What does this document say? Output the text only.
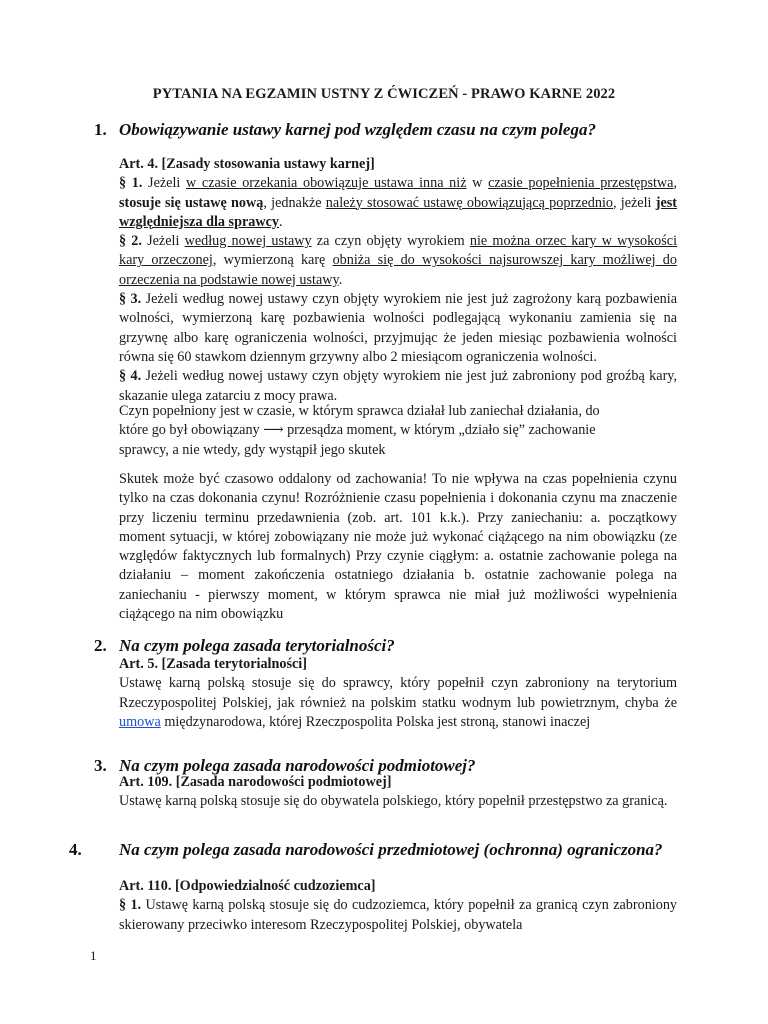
PYTANIA NA EGZAMIN USTNY Z ĆWICZEŃ - PRAWO KARNE 2022
1. Obowiązywanie ustawy karnej pod względem czasu na czym polega?

Art. 4. [Zasady stosowania ustawy karnej]

§ 1. Jeżeli w czasie orzekania obowiązuje ustawa inna niż w czasie popełnienia przestępstwa, stosuje się ustawę nową, jednakże należy stosować ustawę obowiązującą poprzednio, jeżeli jest względniejsza dla sprawcy.

§ 2. Jeżeli według nowej ustawy za czyn objęty wyrokiem nie można orzec kary w wysokości kary orzeczonej, wymierzoną karę obniża się do wysokości najsurowszej kary możliwej do orzeczenia na podstawie nowej ustawy.

§ 3. Jeżeli według nowej ustawy czyn objęty wyrokiem nie jest już zagrożony karą pozbawienia wolności, wymierzoną karę pozbawienia wolności podlegającą wykonaniu zamienia się na grzywnę albo karę ograniczenia wolności, przyjmując że jeden miesiąc pozbawienia wolności równa się 60 stawkom dziennym grzywny albo 2 miesiącom ograniczenia wolności.

§ 4. Jeżeli według nowej ustawy czyn objęty wyrokiem nie jest już zabroniony pod groźbą kary, skazanie ulega zatarciu z mocy prawa.

Czyn popełniony jest w czasie, w którym sprawca działał lub zaniechał działania, do

które go był obowiązany ⟶ przesądza moment, w którym „działo się” zachowanie

sprawcy, a nie wtedy, gdy wystąpił jego skutek

Skutek może być czasowo oddalony od zachowania! To nie wpływa na czas popełnienia czynu tylko na czas dokonania czynu! Rozróżnienie czasu popełnienia i dokonania czynu ma znaczenie przy liczeniu terminu przedawnienia (zob. art. 101 k.k.). Przy zaniechaniu: a. początkowy moment sytuacji, w której zobowiązany nie może już wykonać ciążącego na nim obowiązku (ze względów faktycznych lub formalnych) Przy czynie ciągłym: a. ostatnie zachowanie polega na działaniu – moment zakończenia ostatniego działania b. ostatnie zachowanie polega na zaniechaniu - pierwszy moment, w którym sprawca nie miał już możliwości wypełnienia ciążącego na nim obowiązku

2. Na czym polega zasada terytorialności?

Art. 5. [Zasada terytorialności]

Ustawę karną polską stosuje się do sprawcy, który popełnił czyn zabroniony na terytorium Rzeczypospolitej Polskiej, jak również na polskim statku wodnym lub powietrznym, chyba że umowa międzynarodowa, której Rzeczpospolita Polska jest stroną, stanowi inaczej

3. Na czym polega zasada narodowości podmiotowej?

Art. 109. [Zasada narodowości podmiotowej]

Ustawę karną polską stosuje się do obywatela polskiego, który popełnił przestępstwo za granicą.

4. Na czym polega zasada narodowości przedmiotowej (ochronna) ograniczona?

Art. 110. [Odpowiedzialność cudzoziemca]

§ 1. Ustawę karną polską stosuje się do cudzoziemca, który popełnił za granicą czyn zabroniony skierowany przeciwko interesom Rzeczypospolitej Polskiej, obywatela

1
